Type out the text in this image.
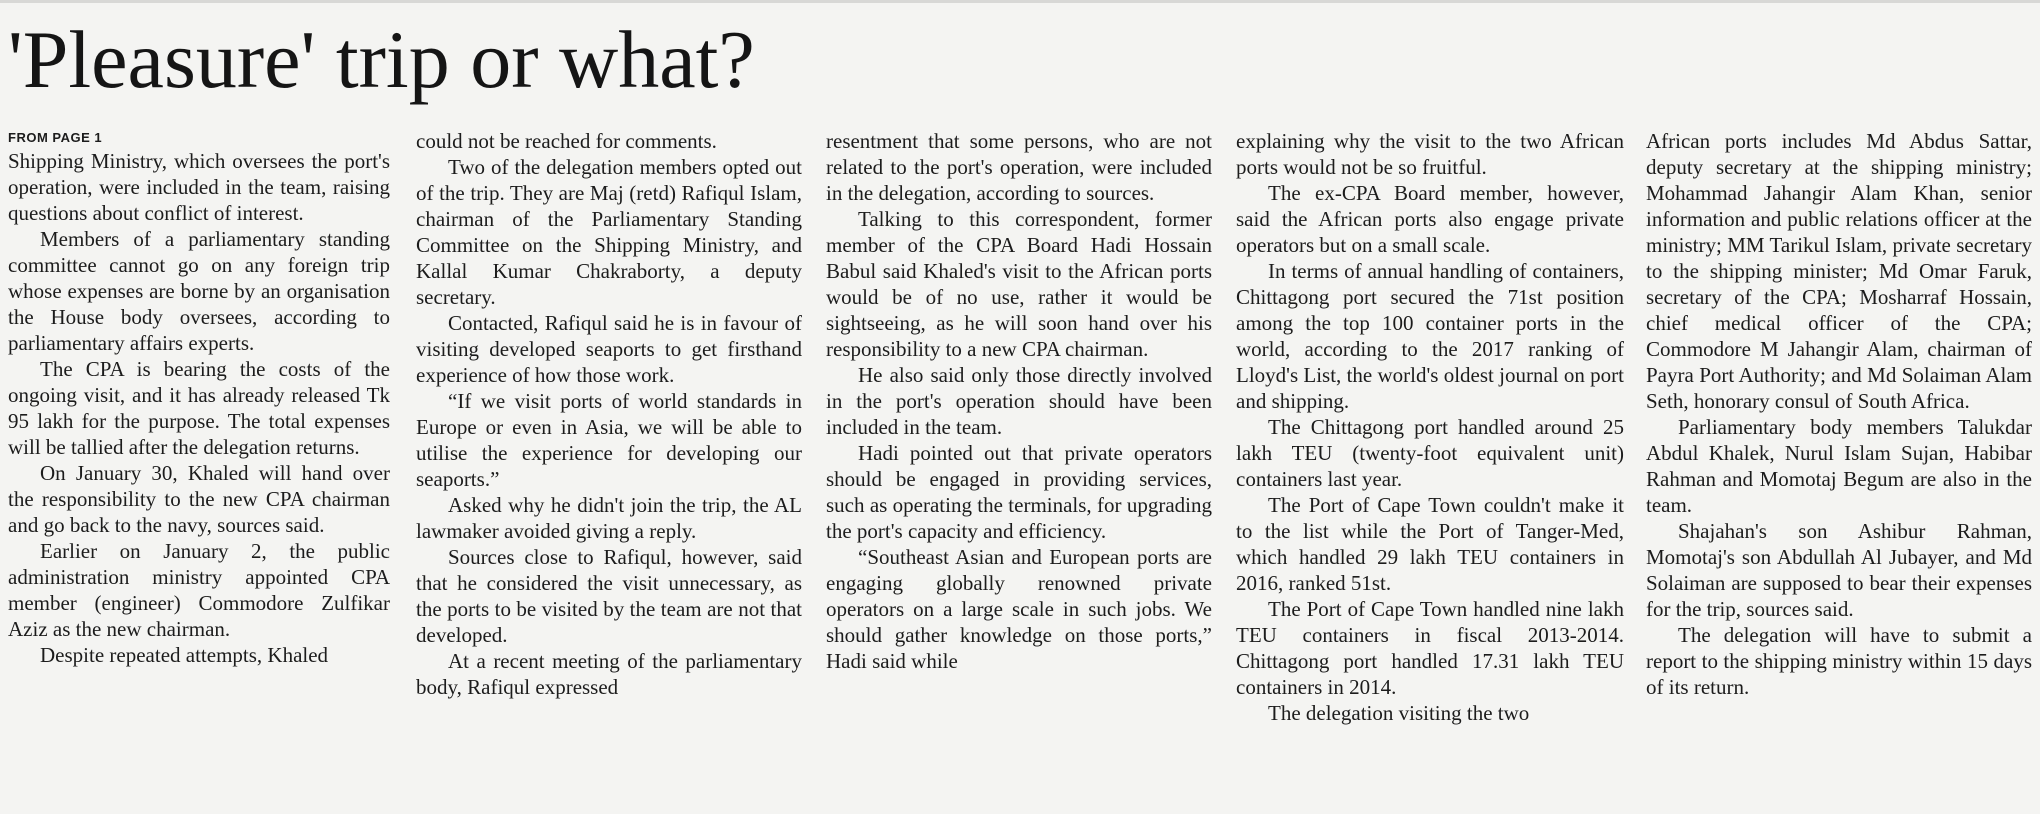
'Pleasure' trip or what?
FROM PAGE 1

Shipping Ministry, which oversees the port's operation, were included in the team, raising questions about conflict of interest.

Members of a parliamentary standing committee cannot go on any foreign trip whose expenses are borne by an organisation the House body oversees, according to parliamentary affairs experts.

The CPA is bearing the costs of the ongoing visit, and it has already released Tk 95 lakh for the purpose. The total expenses will be tallied after the delegation returns.

On January 30, Khaled will hand over the responsibility to the new CPA chairman and go back to the navy, sources said.

Earlier on January 2, the public administration ministry appointed CPA member (engineer) Commodore Zulfikar Aziz as the new chairman.

Despite repeated attempts, Khaled

could not be reached for comments.

Two of the delegation members opted out of the trip. They are Maj (retd) Rafiqul Islam, chairman of the Parliamentary Standing Committee on the Shipping Ministry, and Kallal Kumar Chakraborty, a deputy secretary.

Contacted, Rafiqul said he is in favour of visiting developed seaports to get firsthand experience of how those work.

“If we visit ports of world standards in Europe or even in Asia, we will be able to utilise the experience for developing our seaports.”

Asked why he didn't join the trip, the AL lawmaker avoided giving a reply.

Sources close to Rafiqul, however, said that he considered the visit unnecessary, as the ports to be visited by the team are not that developed.

At a recent meeting of the parliamentary body, Rafiqul expressed

resentment that some persons, who are not related to the port's operation, were included in the delegation, according to sources.

Talking to this correspondent, former member of the CPA Board Hadi Hossain Babul said Khaled's visit to the African ports would be of no use, rather it would be sightseeing, as he will soon hand over his responsibility to a new CPA chairman.

He also said only those directly involved in the port's operation should have been included in the team.

Hadi pointed out that private operators should be engaged in providing services, such as operating the terminals, for upgrading the port's capacity and efficiency.

“Southeast Asian and European ports are engaging globally renowned private operators on a large scale in such jobs. We should gather knowledge on those ports,” Hadi said while

explaining why the visit to the two African ports would not be so fruitful.

The ex-CPA Board member, however, said the African ports also engage private operators but on a small scale.

In terms of annual handling of containers, Chittagong port secured the 71st position among the top 100 container ports in the world, according to the 2017 ranking of Lloyd's List, the world's oldest journal on port and shipping.

The Chittagong port handled around 25 lakh TEU (twenty-foot equivalent unit) containers last year.

The Port of Cape Town couldn't make it to the list while the Port of Tanger-Med, which handled 29 lakh TEU containers in 2016, ranked 51st.

The Port of Cape Town handled nine lakh TEU containers in fiscal 2013-2014. Chittagong port handled 17.31 lakh TEU containers in 2014.

The delegation visiting the two

African ports includes Md Abdus Sattar, deputy secretary at the shipping ministry; Mohammad Jahangir Alam Khan, senior information and public relations officer at the ministry; MM Tarikul Islam, private secretary to the shipping minister; Md Omar Faruk, secretary of the CPA; Mosharraf Hossain, chief medical officer of the CPA; Commodore M Jahangir Alam, chairman of Payra Port Authority; and Md Solaiman Alam Seth, honorary consul of South Africa.

Parliamentary body members Talukdar Abdul Khalek, Nurul Islam Sujan, Habibar Rahman and Momotaj Begum are also in the team.

Shajahan's son Ashibur Rahman, Momotaj's son Abdullah Al Jubayer, and Md Solaiman are supposed to bear their expenses for the trip, sources said.

The delegation will have to submit a report to the shipping ministry within 15 days of its return.
